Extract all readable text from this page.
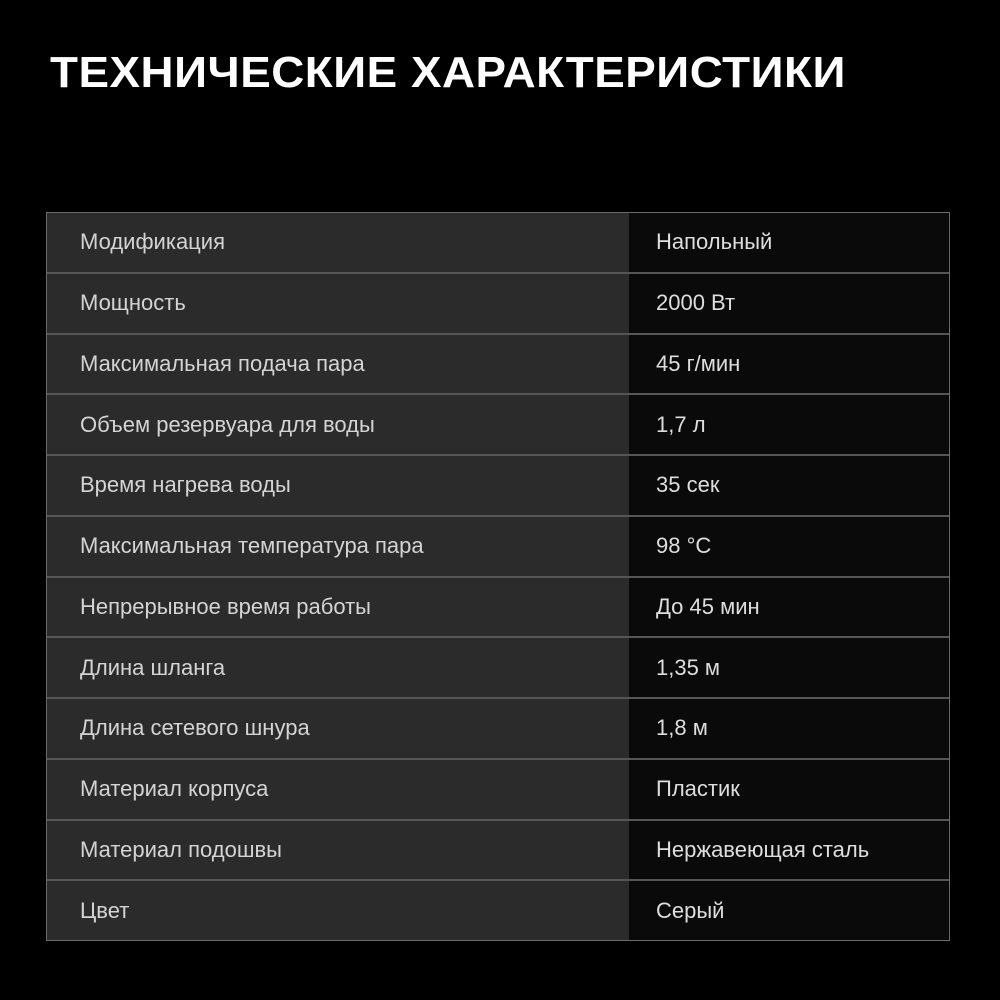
ТЕХНИЧЕСКИЕ ХАРАКТЕРИСТИКИ
Модификация	Напольный
Мощность	2000 Вт
Максимальная подача пара	45 г/мин
Объем резервуара для воды	1,7 л
Время нагрева воды	35 сек
Максимальная температура пара	98 °C
Непрерывное время работы	До 45 мин
Длина шланга	1,35 м
Длина сетевого шнура	1,8 м
Материал корпуса	Пластик
Материал подошвы	Нержавеющая сталь
Цвет	Серый
